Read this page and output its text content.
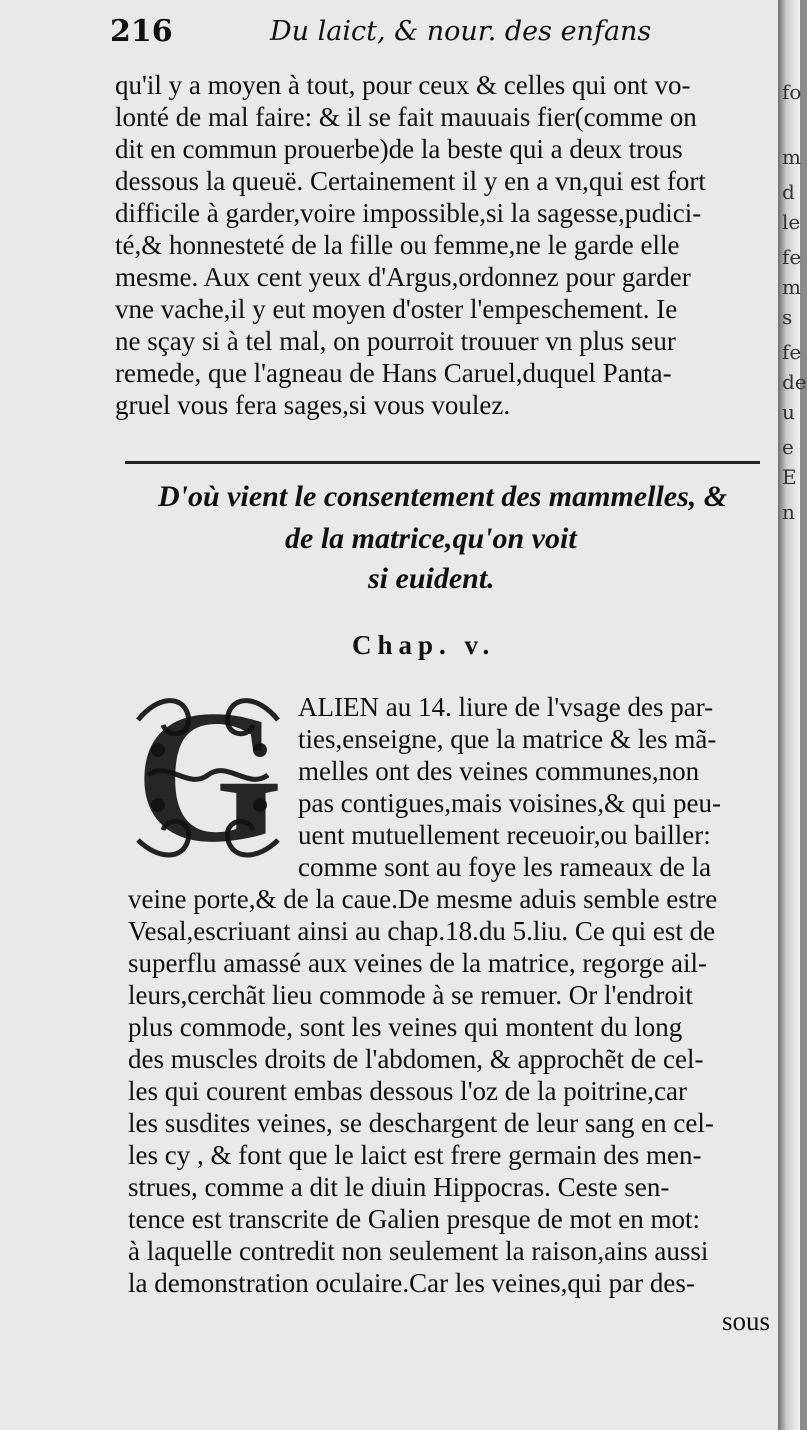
216	Du laict, & nour. des enfans
qu'il y a moyen à tout, pour ceux & celles qui ont vo-
lonté de mal faire: & il se fait mauuais fier(comme on
dit en commun prouerbe)de la beste qui a deux trous
dessous la queuë. Certainement il y en a vn,qui est fort
difficile à garder,voire impossible,si la sagesse,pudici-
té,& honnesteté de la fille ou femme,ne le garde elle
mesme. Aux cent yeux d'Argus,ordonnez pour garder
vne vache,il y eut moyen d'oster l'empeschement. Ie
ne sçay si à tel mal, on pourroit trouuer vn plus seur
remede, que l'agneau de Hans Caruel,duquel Panta-
gruel vous fera sages,si vous voulez.
D'où vient le consentement des mammelles, &
de la matrice,qu'on voit
si euident.
Chap. v.
G ALIEN au 14. liure de l'vsage des par-
ties,enseigne, que la matrice & les mã-
melles ont des veines communes,non
pas contigues,mais voisines,& qui peu-
uent mutuellement receuoir,ou bailler:
comme sont au foye les rameaux de la
veine porte,& de la caue.De mesme aduis semble estre
Vesal,escriuant ainsi au chap.18.du 5.liu. Ce qui est de
superflu amassé aux veines de la matrice, regorge ail-
leurs,cerchãt lieu commode à se remuer. Or l'endroit
plus commode, sont les veines qui montent du long
des muscles droits de l'abdomen, & approchẽt de cel-
les qui courent embas dessous l'oz de la poitrine,car
les susdites veines, se deschargent de leur sang en cel-
les cy , & font que le laict est frere germain des men-
strues, comme a dit le diuin Hippocras. Ceste sen-
tence est transcrite de Galien presque de mot en mot:
à laquelle contredit non seulement la raison,ains aussi
la demonstration oculaire.Car les veines,qui par des-
sous
fo
m
d
le
fe
m
s
fe
de
u
e
E
n
